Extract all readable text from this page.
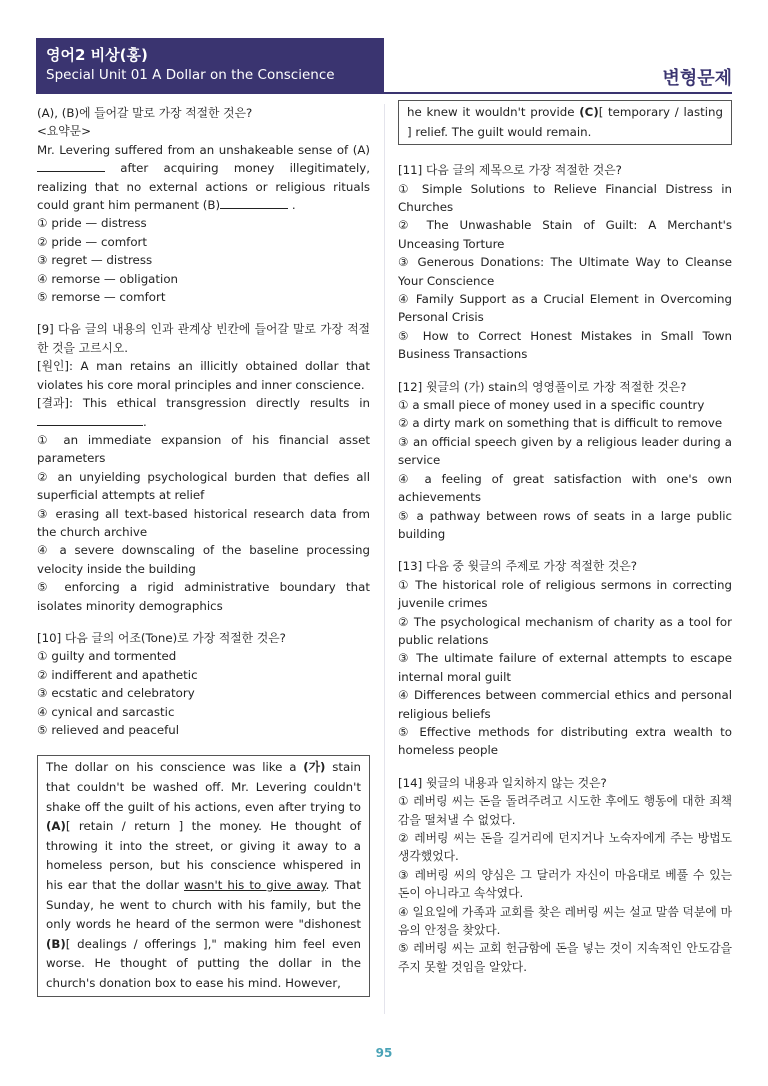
영어2 비상(홍)
Special Unit 01 A Dollar on the Conscience	변형문제
(A), (B)에 들어갈 말로 가장 적절한 것은?
<요약문>
Mr. Levering suffered from an unshakeable sense of (A) after acquiring money illegitimately, realizing that no external actions or religious rituals could grant him permanent (B)	.
① pride — distress
② pride — comfort
③ regret — distress
④ remorse — obligation
⑤ remorse — comfort
[9] 다음 글의 내용의 인과 관계상 빈칸에 들어갈 말로 가장 적절한 것을 고르시오.
[원인]: A man retains an illicitly obtained dollar that violates his core moral principles and inner conscience.
[결과]: This ethical transgression directly results in .
① an immediate expansion of his financial asset parameters
② an unyielding psychological burden that defies all superficial attempts at relief
③ erasing all text-based historical research data from the church archive
④ a severe downscaling of the baseline processing velocity inside the building
⑤ enforcing a rigid administrative boundary that isolates minority demographics
[10] 다음 글의 어조(Tone)로 가장 적절한 것은?
① guilty and tormented
② indifferent and apathetic
③ ecstatic and celebratory
④ cynical and sarcastic
⑤ relieved and peaceful
The dollar on his conscience was like a (가) stain that couldn't be washed off. Mr. Levering couldn't shake off the guilt of his actions, even after trying to (A)[ retain / return ] the money. He thought of throwing it into the street, or giving it away to a homeless person, but his conscience whispered in his ear that the dollar wasn't his to give away. That Sunday, he went to church with his family, but the only words he heard of the sermon were "dishonest (B)[ dealings / offerings ]," making him feel even worse. He thought of putting the dollar in the church's donation box to ease his mind. However,
he knew it wouldn't provide (C)[ temporary / lasting ] relief. The guilt would remain.
[11] 다음 글의 제목으로 가장 적절한 것은?
① Simple Solutions to Relieve Financial Distress in Churches
② The Unwashable Stain of Guilt: A Merchant's Unceasing Torture
③ Generous Donations: The Ultimate Way to Cleanse Your Conscience
④ Family Support as a Crucial Element in Overcoming Personal Crisis
⑤ How to Correct Honest Mistakes in Small Town Business Transactions
[12] 윗글의 (가) stain의 영영풀이로 가장 적절한 것은?
① a small piece of money used in a specific country
② a dirty mark on something that is difficult to remove
③ an official speech given by a religious leader during a service
④ a feeling of great satisfaction with one's own achievements
⑤ a pathway between rows of seats in a large public building
[13] 다음 중 윗글의 주제로 가장 적절한 것은?
① The historical role of religious sermons in correcting juvenile crimes
② The psychological mechanism of charity as a tool for public relations
③ The ultimate failure of external attempts to escape internal moral guilt
④ Differences between commercial ethics and personal religious beliefs
⑤ Effective methods for distributing extra wealth to homeless people
[14] 윗글의 내용과 일치하지 않는 것은?
① 레버링 씨는 돈을 돌려주려고 시도한 후에도 행동에 대한 죄책감을 떨쳐낼 수 없었다.
② 레버링 씨는 돈을 길거리에 던지거나 노숙자에게 주는 방법도 생각했었다.
③ 레버링 씨의 양심은 그 달러가 자신이 마음대로 베풀 수 있는 돈이 아니라고 속삭였다.
④ 일요일에 가족과 교회를 찾은 레버링 씨는 설교 말씀 덕분에 마음의 안정을 찾았다.
⑤ 레버링 씨는 교회 헌금함에 돈을 넣는 것이 지속적인 안도감을 주지 못할 것임을 알았다.
95
